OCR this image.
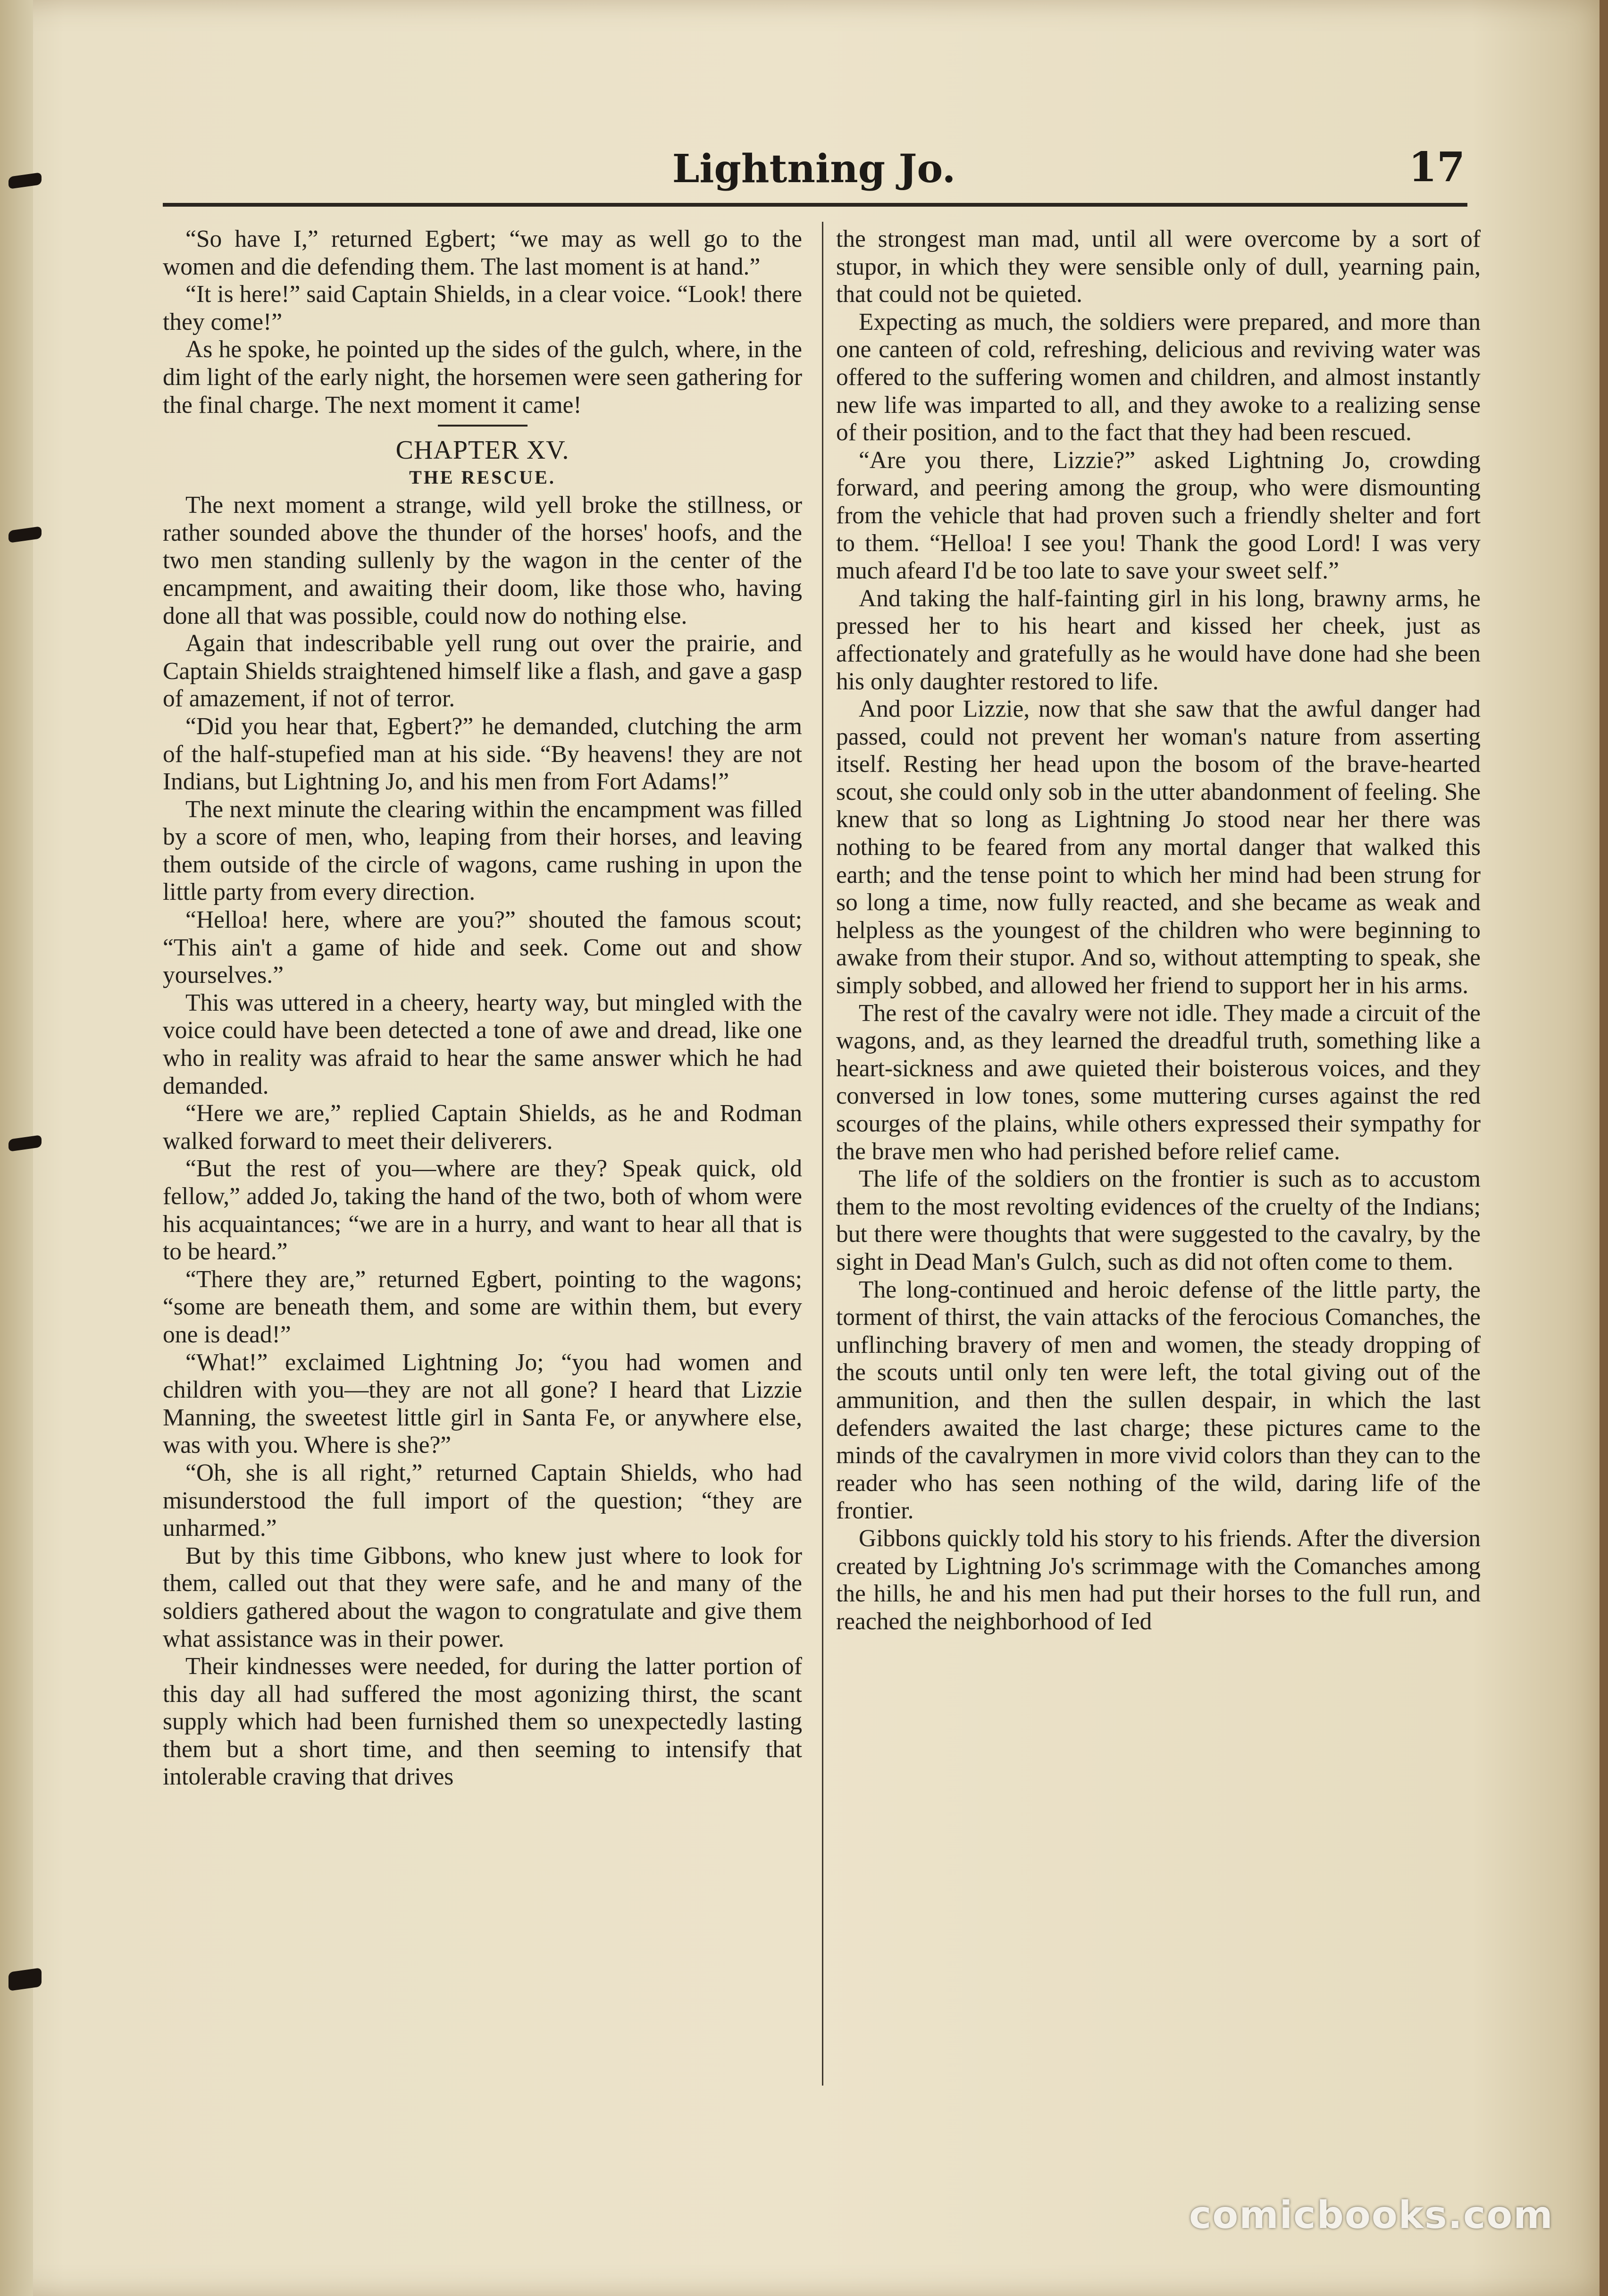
Lightning Jo.	17

“So have I,” returned Egbert; “we may as well go to the women and die defending them. The last moment is at hand.”

“It is here!” said Captain Shields, in a clear voice. “Look! there they come!”

As he spoke, he pointed up the sides of the gulch, where, in the dim light of the early night, the horsemen were seen gathering for the final charge. The next moment it came!

CHAPTER XV.
THE RESCUE.

The next moment a strange, wild yell broke the stillness, or rather sounded above the thunder of the horses' hoofs, and the two men standing sullenly by the wagon in the center of the encampment, and awaiting their doom, like those who, having done all that was possible, could now do nothing else.

Again that indescribable yell rung out over the prairie, and Captain Shields straightened himself like a flash, and gave a gasp of amazement, if not of terror.

“Did you hear that, Egbert?” he demanded, clutching the arm of the half-stupefied man at his side. “By heavens! they are not Indians, but Lightning Jo, and his men from Fort Adams!”

The next minute the clearing within the encampment was filled by a score of men, who, leaping from their horses, and leaving them outside of the circle of wagons, came rushing in upon the little party from every direction.

“Helloa! here, where are you?” shouted the famous scout; “This ain't a game of hide and seek. Come out and show yourselves.”

This was uttered in a cheery, hearty way, but mingled with the voice could have been detected a tone of awe and dread, like one who in reality was afraid to hear the same answer which he had demanded.

“Here we are,” replied Captain Shields, as he and Rodman walked forward to meet their deliverers.

“But the rest of you—where are they? Speak quick, old fellow,” added Jo, taking the hand of the two, both of whom were his acquaintances; “we are in a hurry, and want to hear all that is to be heard.”

“There they are,” returned Egbert, pointing to the wagons; “some are beneath them, and some are within them, but every one is dead!”

“What!” exclaimed Lightning Jo; “you had women and children with you—they are not all gone? I heard that Lizzie Manning, the sweetest little girl in Santa Fe, or anywhere else, was with you. Where is she?”

“Oh, she is all right,” returned Captain Shields, who had misunderstood the full import of the question; “they are unharmed.”

But by this time Gibbons, who knew just where to look for them, called out that they were safe, and he and many of the soldiers gathered about the wagon to congratulate and give them what assistance was in their power.

Their kindnesses were needed, for during the latter portion of this day all had suffered the most agonizing thirst, the scant supply which had been furnished them so unexpectedly lasting them but a short time, and then seeming to intensify that intolerable craving that drives

the strongest man mad, until all were overcome by a sort of stupor, in which they were sensible only of dull, yearning pain, that could not be quieted.

Expecting as much, the soldiers were prepared, and more than one canteen of cold, refreshing, delicious and reviving water was offered to the suffering women and children, and almost instantly new life was imparted to all, and they awoke to a realizing sense of their position, and to the fact that they had been rescued.

“Are you there, Lizzie?” asked Lightning Jo, crowding forward, and peering among the group, who were dismounting from the vehicle that had proven such a friendly shelter and fort to them. “Helloa! I see you! Thank the good Lord! I was very much afeard I'd be too late to save your sweet self.”

And taking the half-fainting girl in his long, brawny arms, he pressed her to his heart and kissed her cheek, just as affectionately and gratefully as he would have done had she been his only daughter restored to life.

And poor Lizzie, now that she saw that the awful danger had passed, could not prevent her woman's nature from asserting itself. Resting her head upon the bosom of the brave-hearted scout, she could only sob in the utter abandonment of feeling. She knew that so long as Lightning Jo stood near her there was nothing to be feared from any mortal danger that walked this earth; and the tense point to which her mind had been strung for so long a time, now fully reacted, and she became as weak and helpless as the youngest of the children who were beginning to awake from their stupor. And so, without attempting to speak, she simply sobbed, and allowed her friend to support her in his arms.

The rest of the cavalry were not idle. They made a circuit of the wagons, and, as they learned the dreadful truth, something like a heart-sickness and awe quieted their boisterous voices, and they conversed in low tones, some muttering curses against the red scourges of the plains, while others expressed their sympathy for the brave men who had perished before relief came.

The life of the soldiers on the frontier is such as to accustom them to the most revolting evidences of the cruelty of the Indians; but there were thoughts that were suggested to the cavalry, by the sight in Dead Man's Gulch, such as did not often come to them.

The long-continued and heroic defense of the little party, the torment of thirst, the vain attacks of the ferocious Comanches, the unflinching bravery of men and women, the steady dropping of the scouts until only ten were left, the total giving out of the ammunition, and then the sullen despair, in which the last defenders awaited the last charge; these pictures came to the minds of the cavalrymen in more vivid colors than they can to the reader who has seen nothing of the wild, daring life of the frontier.

Gibbons quickly told his story to his friends. After the diversion created by Lightning Jo's scrimmage with the Comanches among the hills, he and his men had put their horses to the full run, and reached the neighborhood of Ied

comicbooks.com
